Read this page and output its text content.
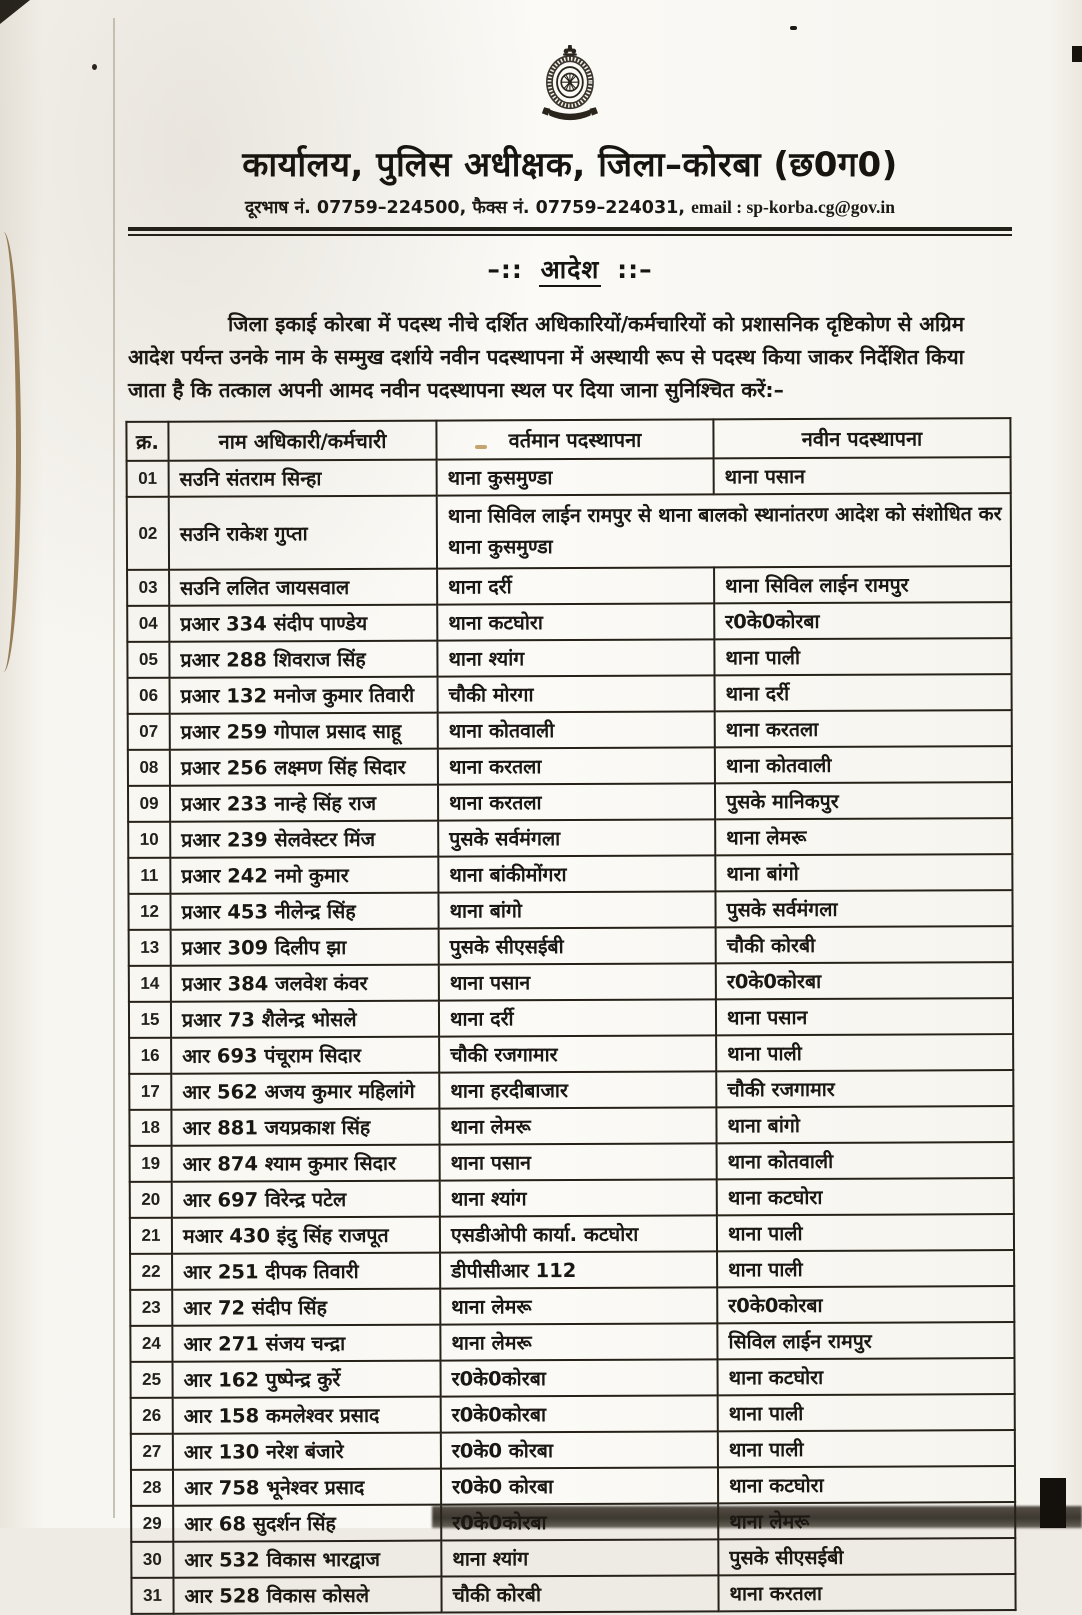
कार्यालय, पुलिस अधीक्षक, जिला–कोरबा (छ0ग0)
दूरभाष नं. 07759–224500, फैक्स नं. 07759–224031, email : sp-korba.cg@gov.in
–:: आदेश ::–
जिला इकाई कोरबा में पदस्थ नीचे दर्शित अधिकारियों/कर्मचारियों को प्रशासनिक दृष्टिकोण से अग्रिम आदेश पर्यन्त उनके नाम के सम्मुख दर्शाये नवीन पदस्थापना में अस्थायी रूप से पदस्थ किया जाकर निर्देशित किया जाता है कि तत्काल अपनी आमद नवीन पदस्थापना स्थल पर दिया जाना सुनिश्चित करें:–
क्र.	नाम अधिकारी/कर्मचारी	वर्तमान पदस्थापना	नवीन पदस्थापना
01	सउनि संतराम सिन्हा	थाना कुसमुण्डा	थाना पसान
02	सउनि राकेश गुप्ता	थाना सिविल लाईन रामपुर से थाना बालको स्थानांतरण आदेश को संशोधित कर थाना कुसमुण्डा	
03	सउनि ललित जायसवाल	थाना दर्री	थाना सिविल लाईन रामपुर
04	प्रआर 334 संदीप पाण्डेय	थाना कटघोरा	र0के0कोरबा
05	प्रआर 288 शिवराज सिंह	थाना श्यांग	थाना पाली
06	प्रआर 132 मनोज कुमार तिवारी	चौकी मोरगा	थाना दर्री
07	प्रआर 259 गोपाल प्रसाद साहू	थाना कोतवाली	थाना करतला
08	प्रआर 256 लक्ष्मण सिंह सिदार	थाना करतला	थाना कोतवाली
09	प्रआर 233 नान्हे सिंह राज	थाना करतला	पुसके मानिकपुर
10	प्रआर 239 सेलवेस्टर मिंज	पुसके सर्वमंगला	थाना लेमरू
11	प्रआर 242 नमो कुमार	थाना बांकीमोंगरा	थाना बांगो
12	प्रआर 453 नीलेन्द्र सिंह	थाना बांगो	पुसके सर्वमंगला
13	प्रआर 309 दिलीप झा	पुसके सीएसईबी	चौकी कोरबी
14	प्रआर 384 जलवेश कंवर	थाना पसान	र0के0कोरबा
15	प्रआर 73 शैलेन्द्र भोसले	थाना दर्री	थाना पसान
16	आर 693 पंचूराम सिदार	चौकी रजगामार	थाना पाली
17	आर 562 अजय कुमार महिलांगे	थाना हरदीबाजार	चौकी रजगामार
18	आर 881 जयप्रकाश सिंह	थाना लेमरू	थाना बांगो
19	आर 874 श्याम कुमार सिदार	थाना पसान	थाना कोतवाली
20	आर 697 विरेन्द्र पटेल	थाना श्यांग	थाना कटघोरा
21	मआर 430 इंदु सिंह राजपूत	एसडीओपी कार्या. कटघोरा	थाना पाली
22	आर 251 दीपक तिवारी	डीपीसीआर 112	थाना पाली
23	आर 72 संदीप सिंह	थाना लेमरू	र0के0कोरबा
24	आर 271 संजय चन्द्रा	थाना लेमरू	सिविल लाईन रामपुर
25	आर 162 पुष्पेन्द्र कुर्रे	र0के0कोरबा	थाना कटघोरा
26	आर 158 कमलेश्वर प्रसाद	र0के0कोरबा	थाना पाली
27	आर 130 नरेश बंजारे	र0के0 कोरबा	थाना पाली
28	आर 758 भूनेश्वर प्रसाद	र0के0 कोरबा	थाना कटघोरा
29	आर 68 सुदर्शन सिंह	र0के0कोरबा	थाना लेमरू
30	आर 532 विकास भारद्वाज	थाना श्यांग	पुसके सीएसईबी
31	आर 528 विकास कोसले	चौकी कोरबी	थाना करतला
